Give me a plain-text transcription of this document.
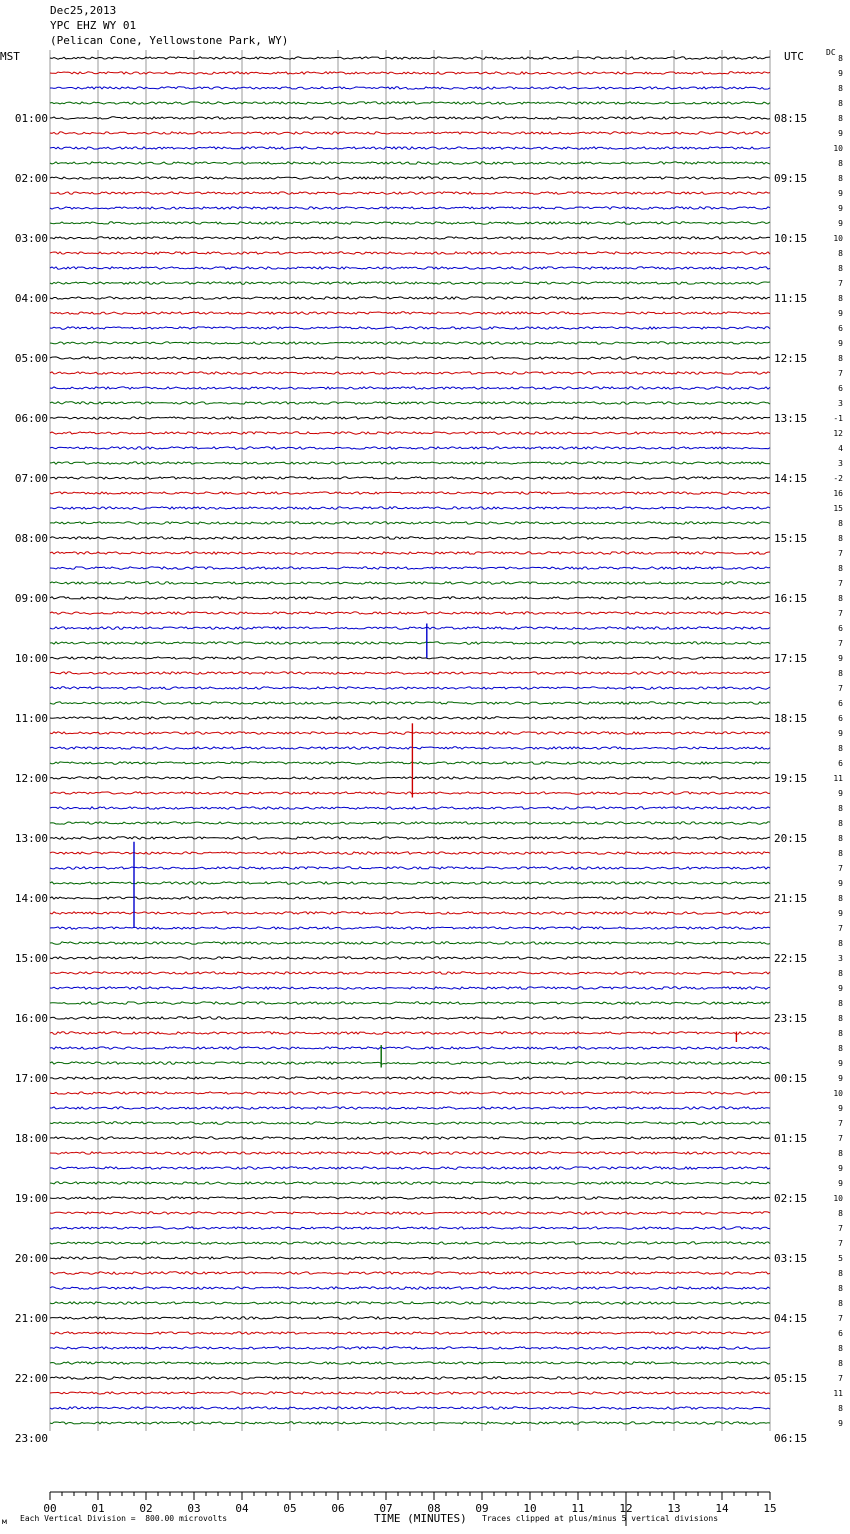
Dec25,2013
YPC EHZ WY 01
(Pelican Cone, Yellowstone Park, WY)
MST	UTC	DC
8
9
8
8
8
9
10
8
8
9
9
9
10
8
8
7
8
9
6
9
8
7
6
3
-1
12
4
3
-2
16
15
8
8
7
8
7
8
7
6
7
9
8
7
6
6
9
8
6
11
9
8
8
8
8
7
9
8
9
7
8
3
8
9
8
8
8
8
9
9
10
9
7
7
8
9
9
10
8
7
7
5
8
8
8
7
6
8
8
7
11
8
9
01:00
02:00
03:00
04:00
05:00
06:00
07:00
08:00
09:00
10:00
11:00
12:00
13:00
14:00
15:00
16:00
17:00
18:00
19:00
20:00
21:00
22:00
23:00
08:15
09:15
10:15
11:15
12:15
13:15
14:15
15:15
16:15
17:15
18:15
19:15
20:15
21:15
22:15
23:15
00:15
01:15
02:15
03:15
04:15
05:15
06:15
00	01	02	03	04	05	06	07	08	09	10	11	12	13	14	15
м Each Vertical Division =  800.00 microvolts	TIME (MINUTES) Traces clipped at plus/minus 5 vertical divisions
